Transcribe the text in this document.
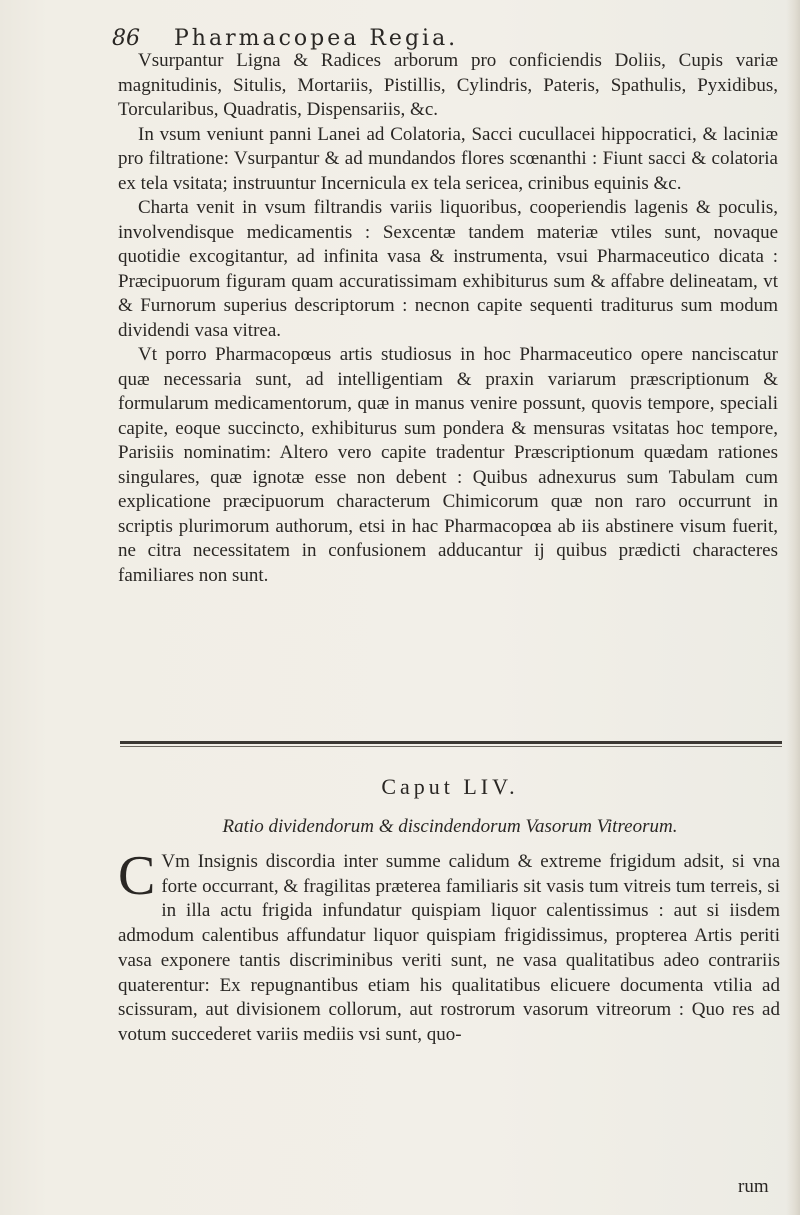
86 Pharmacopea Regia.

Vsurpantur Ligna & Radices arborum pro conficiendis Doliis, Cupis variæ magnitudinis, Situlis, Mortariis, Pistillis, Cylindris, Pateris, Spathulis, Pyxidibus, Torcularibus, Quadratis, Dispensariis, &c.

In vsum veniunt panni Lanei ad Colatoria, Sacci cucullacei hippocratici, & laciniæ pro filtratione: Vsurpantur & ad mundandos flores scœnanthi : Fiunt sacci & colatoria ex tela vsitata; instruuntur Incernicula ex tela sericea, crinibus equinis &c.

Charta venit in vsum filtrandis variis liquoribus, cooperiendis lagenis & poculis, involvendisque medicamentis : Sexcentæ tandem materiæ vtiles sunt, novaque quotidie excogitantur, ad infinita vasa & instrumenta, vsui Pharmaceutico dicata : Præcipuorum figuram quam accuratissimam exhibiturus sum & affabre delineatam, vt & Furnorum superius descriptorum : necnon capite sequenti traditurus sum modum dividendi vasa vitrea.

Vt porro Pharmacopœus artis studiosus in hoc Pharmaceutico opere nanciscatur quæ necessaria sunt, ad intelligentiam & praxin variarum præscriptionum & formularum medicamentorum, quæ in manus venire possunt, quovis tempore, speciali capite, eoque succincto, exhibiturus sum pondera & mensuras vsitatas hoc tempore, Parisiis nominatim: Altero vero capite tradentur Præscriptionum quædam rationes singulares, quæ ignotæ esse non debent : Quibus adnexurus sum Tabulam cum explicatione præcipuorum characterum Chimicorum quæ non raro occurrunt in scriptis plurimorum authorum, etsi in hac Pharmacopœa ab iis abstinere visum fuerit, ne citra necessitatem in confusionem adducantur ij quibus prædicti characteres familiares non sunt.

Caput LIV.
Ratio dividendorum & discindendorum Vasorum Vitreorum.

C Vm Insignis discordia inter summe calidum & extreme frigidum adsit, si vna forte occurrant, & fragilitas præterea familiaris sit vasis tum vitreis tum terreis, si in illa actu frigida infundatur quispiam liquor calentissimus : aut si iisdem admodum calentibus affundatur liquor quispiam frigidissimus, propterea Artis periti vasa exponere tantis discriminibus veriti sunt, ne vasa qualitatibus adeo contrariis quaterentur: Ex repugnantibus etiam his qualitatibus elicuere documenta vtilia ad scissuram, aut divisionem collorum, aut rostrorum vasorum vitreorum : Quo res ad votum succederet variis mediis vsi sunt, quo-

rum
